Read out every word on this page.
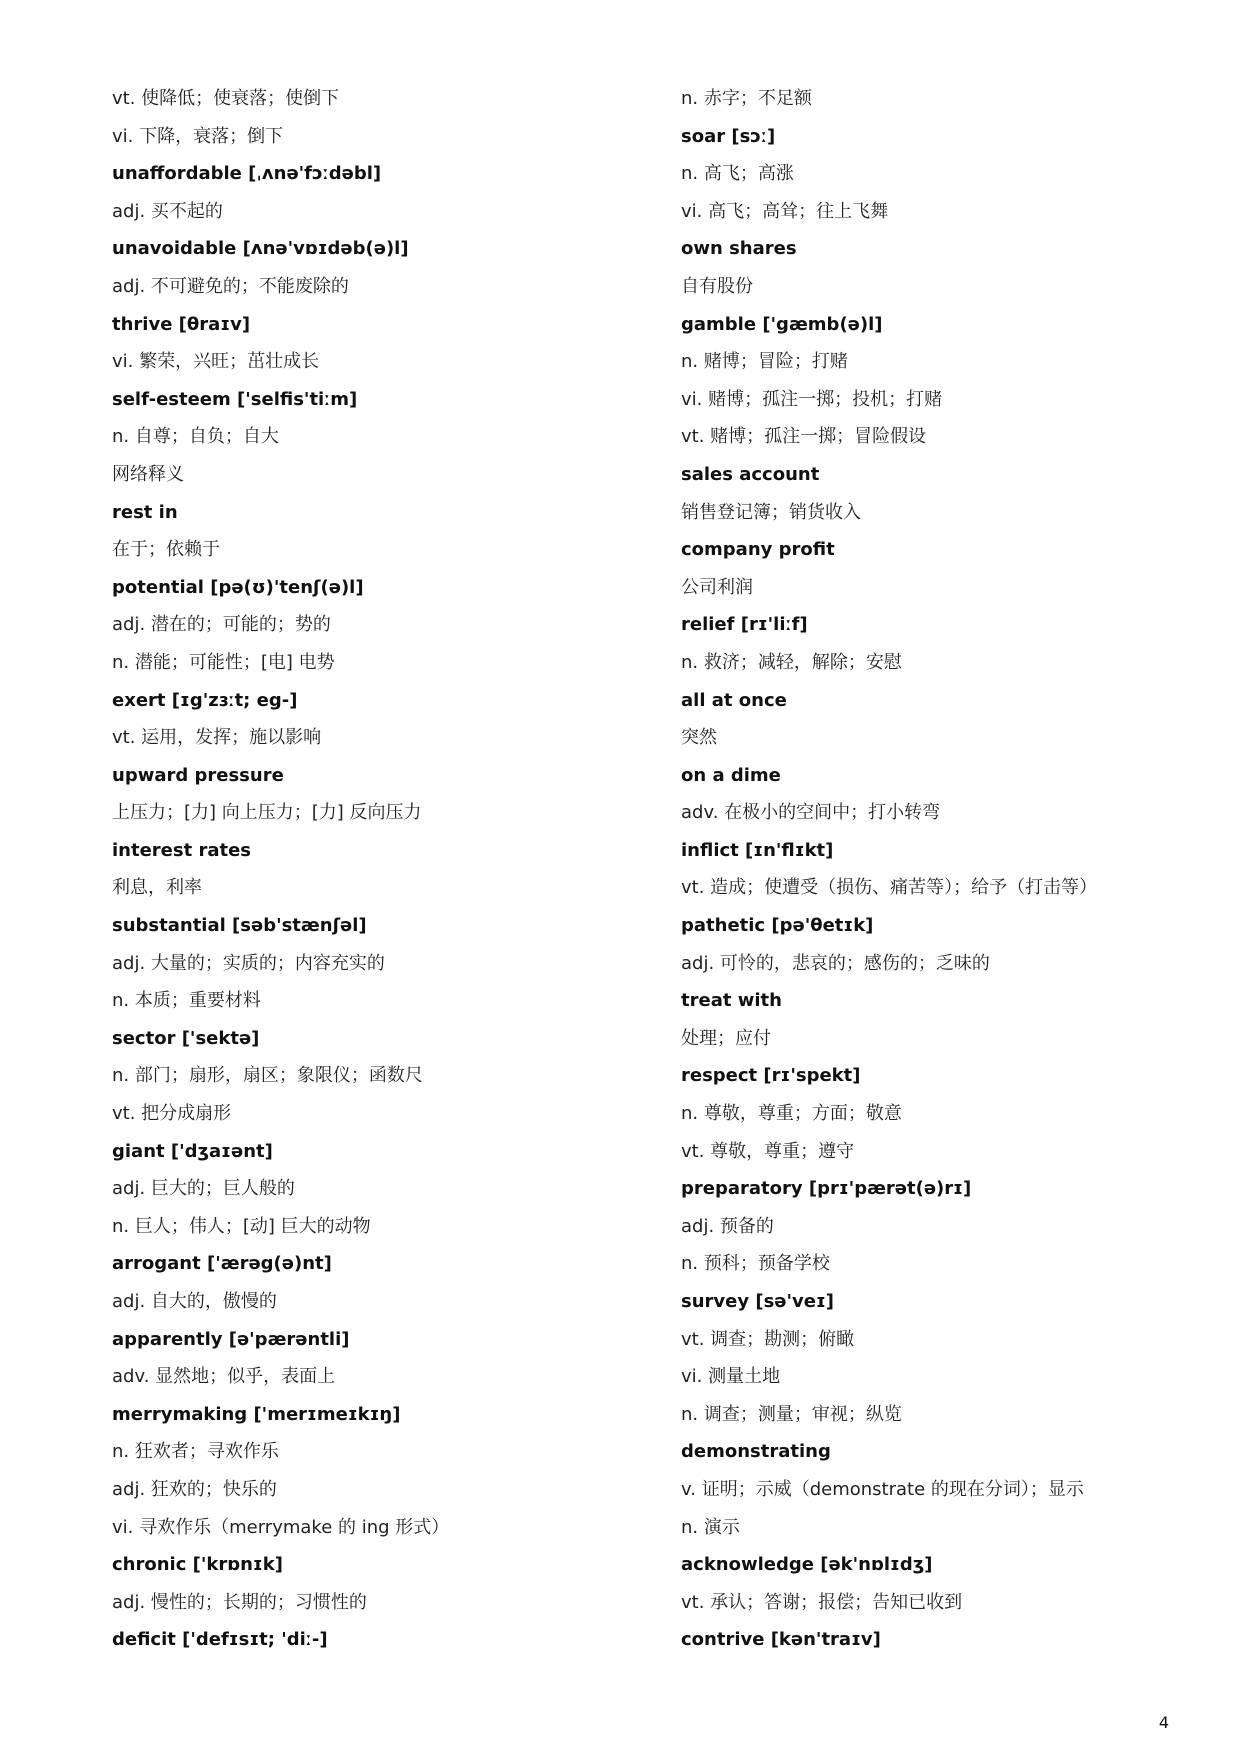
vt. 使降低；使衰落；使倒下
vi. 下降，衰落；倒下
unaffordable [ˌʌnə'fɔːdəbl]
adj. 买不起的
unavoidable [ʌnə'vɒɪdəb(ə)l]
adj. 不可避免的；不能废除的
thrive [θraɪv]
vi. 繁荣，兴旺；茁壮成长
self-esteem ['selfis'tiːm]
n. 自尊；自负；自大
网络释义
rest in
在于；依赖于
potential [pə(ʊ)'tenʃ(ə)l]
adj. 潜在的；可能的；势的
n. 潜能；可能性；[电] 电势
exert [ɪg'zɜːt; eg-]
vt. 运用，发挥；施以影响
upward pressure
上压力；[力] 向上压力；[力] 反向压力
interest rates
利息，利率
substantial [səb'stænʃəl]
adj. 大量的；实质的；内容充实的
n. 本质；重要材料
sector ['sektə]
n. 部门；扇形，扇区；象限仪；函数尺
vt. 把分成扇形
giant ['dʒaɪənt]
adj. 巨大的；巨人般的
n. 巨人；伟人；[动] 巨大的动物
arrogant ['ærəg(ə)nt]
adj. 自大的，傲慢的
apparently [ə'pærəntli]
adv. 显然地；似乎，表面上
merrymaking ['merɪmeɪkɪŋ]
n. 狂欢者；寻欢作乐
adj. 狂欢的；快乐的
vi. 寻欢作乐（merrymake 的 ing 形式）
chronic ['krɒnɪk]
adj. 慢性的；长期的；习惯性的
deficit ['defɪsɪt; 'diː-]
n. 赤字；不足额
soar [sɔː]
n. 高飞；高涨
vi. 高飞；高耸；往上飞舞
own shares
自有股份
gamble ['gæmb(ə)l]
n. 赌博；冒险；打赌
vi. 赌博；孤注一掷；投机；打赌
vt. 赌博；孤注一掷；冒险假设
sales account
销售登记簿；销货收入
company profit
公司利润
relief [rɪ'liːf]
n. 救济；减轻，解除；安慰
all at once
突然
on a dime
adv. 在极小的空间中；打小转弯
inflict [ɪn'flɪkt]
vt. 造成；使遭受（损伤、痛苦等）；给予（打击等）
pathetic [pə'θetɪk]
adj. 可怜的，悲哀的；感伤的；乏味的
treat with
处理；应付
respect [rɪ'spekt]
n. 尊敬，尊重；方面；敬意
vt. 尊敬，尊重；遵守
preparatory [prɪ'pærət(ə)rɪ]
adj. 预备的
n. 预科；预备学校
survey [sə'veɪ]
vt. 调查；勘测；俯瞰
vi. 测量土地
n. 调查；测量；审视；纵览
demonstrating
v. 证明；示威（demonstrate 的现在分词）；显示
n. 演示
acknowledge [ək'nɒlɪdʒ]
vt. 承认；答谢；报偿；告知已收到
contrive [kən'traɪv]
4
